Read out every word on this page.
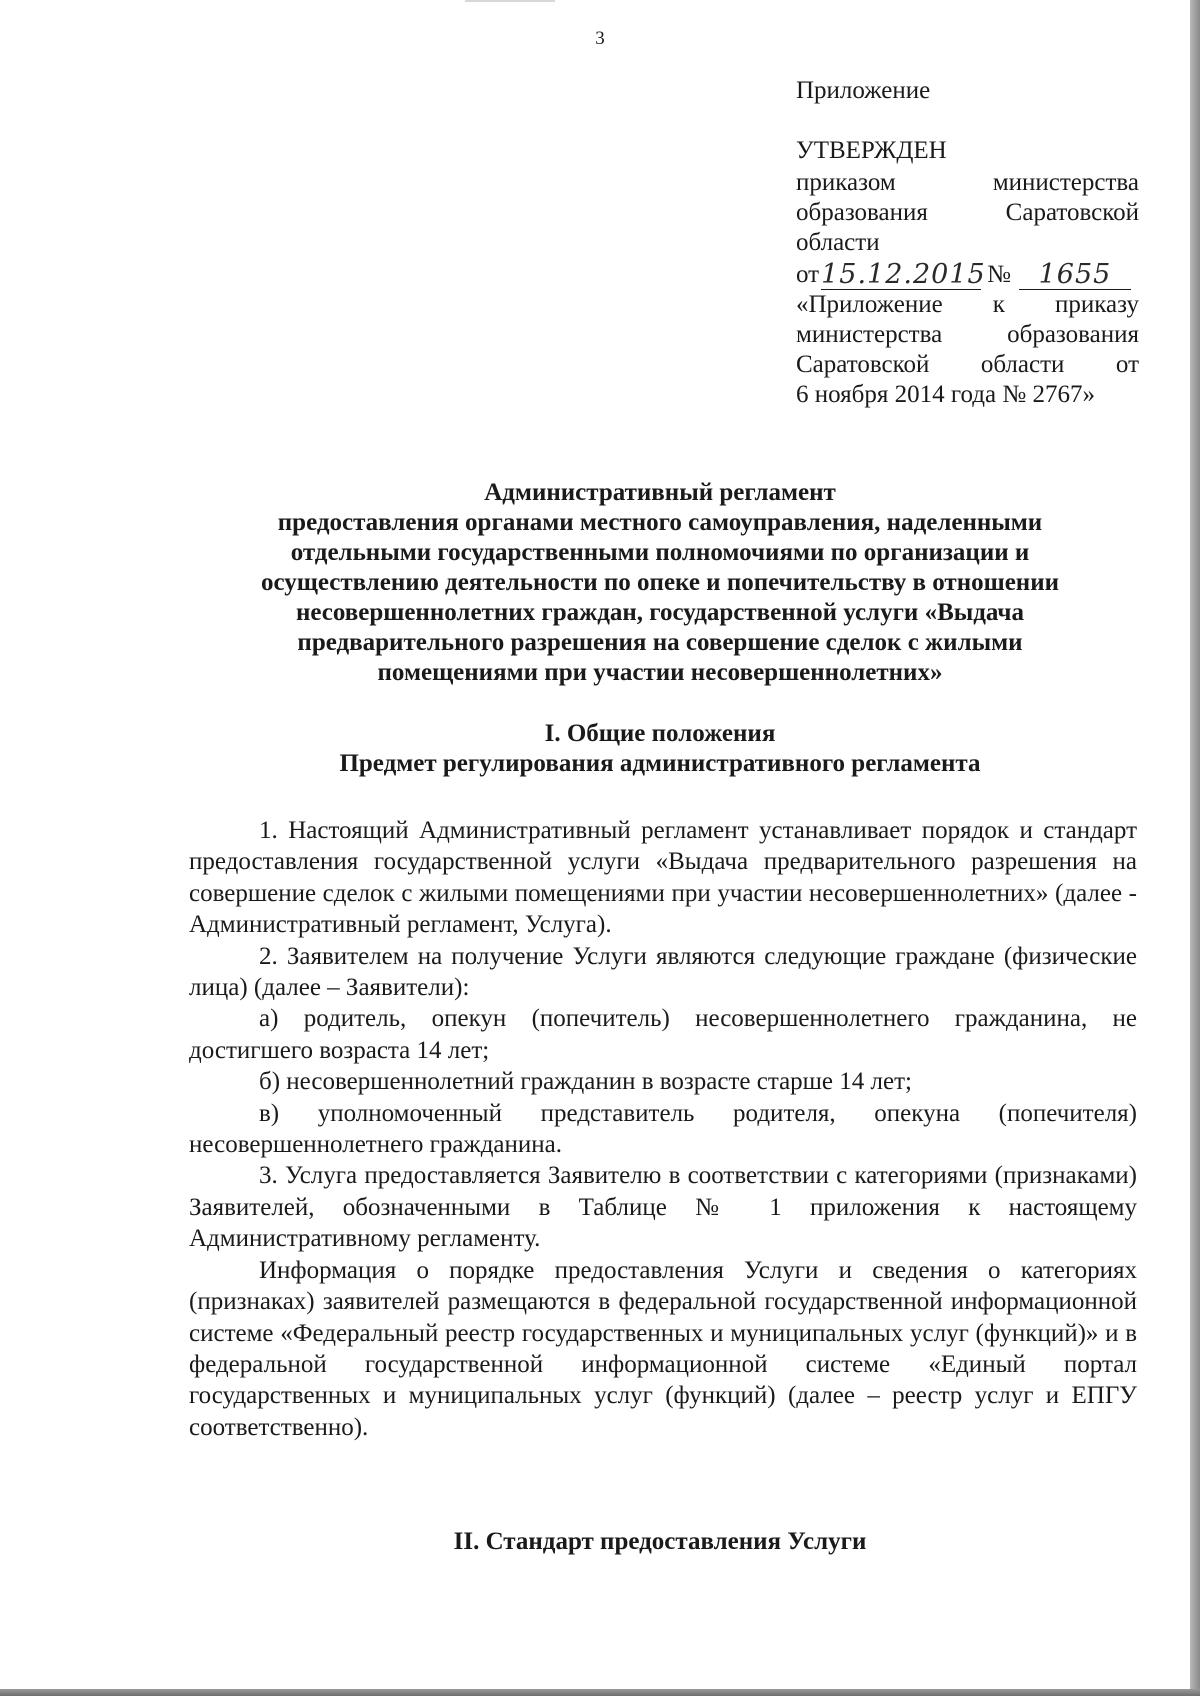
3
Приложение
УТВЕРЖДЕН
приказом министерства
образования Саратовской
области
от 15.12.2015 №	1655
«Приложение к приказу
министерства образования
Саратовской области от
6 ноября 2014 года № 2767»
Административный регламент
предоставления органами местного самоуправления, наделенными
отдельными государственными полномочиями по организации и
осуществлению деятельности по опеке и попечительству в отношении
несовершеннолетних граждан, государственной услуги «Выдача
предварительного разрешения на совершение сделок с жилыми
помещениями при участии несовершеннолетних»
I. Общие положения
Предмет регулирования административного регламента

1. Настоящий Административный регламент устанавливает порядок и стандарт предоставления государственной услуги «Выдача предварительного разрешения на совершение сделок с жилыми помещениями при участии несовершеннолетних» (далее - Административный регламент, Услуга).

2. Заявителем на получение Услуги являются следующие граждане (физические лица) (далее – Заявители):

а) родитель, опекун (попечитель) несовершеннолетнего гражданина, не достигшего возраста 14 лет;

б) несовершеннолетний гражданин в возрасте старше 14 лет;

в) уполномоченный представитель родителя, опекуна (попечителя) несовершеннолетнего гражданина.

3. Услуга предоставляется Заявителю в соответствии с категориями (признаками) Заявителей, обозначенными в Таблице № 1 приложения к настоящему Административному регламенту.

Информация о порядке предоставления Услуги и сведения о категориях (признаках) заявителей размещаются в федеральной государственной информационной системе «Федеральный реестр государственных и муниципальных услуг (функций)» и в федеральной государственной информационной системе «Единый портал государственных и муниципальных услуг (функций) (далее – реестр услуг и ЕПГУ соответственно).

II. Стандарт предоставления Услуги
